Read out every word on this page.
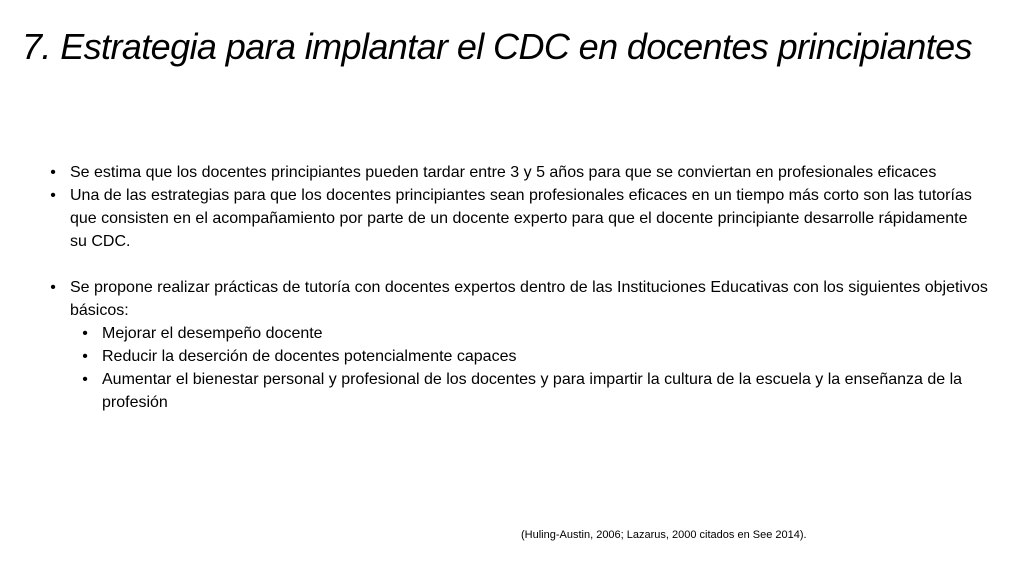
7. Estrategia para implantar el CDC en docentes principiantes
• Se estima que los docentes principiantes pueden tardar entre 3 y 5 años para que se conviertan en profesionales eficaces
• Una de las estrategias para que los docentes principiantes sean profesionales eficaces en un tiempo más corto son las tutorías que consisten en el acompañamiento por parte de un docente experto para que el docente principiante desarrolle rápidamente su CDC.
• Se propone realizar prácticas de tutoría con docentes expertos dentro de las Instituciones Educativas con los siguientes objetivos básicos:
• Mejorar el desempeño docente
• Reducir la deserción de docentes potencialmente capaces
• Aumentar el bienestar personal y profesional de los docentes y para impartir la cultura de la escuela y la enseñanza de la profesión
(Huling-Austin, 2006; Lazarus, 2000 citados en See 2014).
